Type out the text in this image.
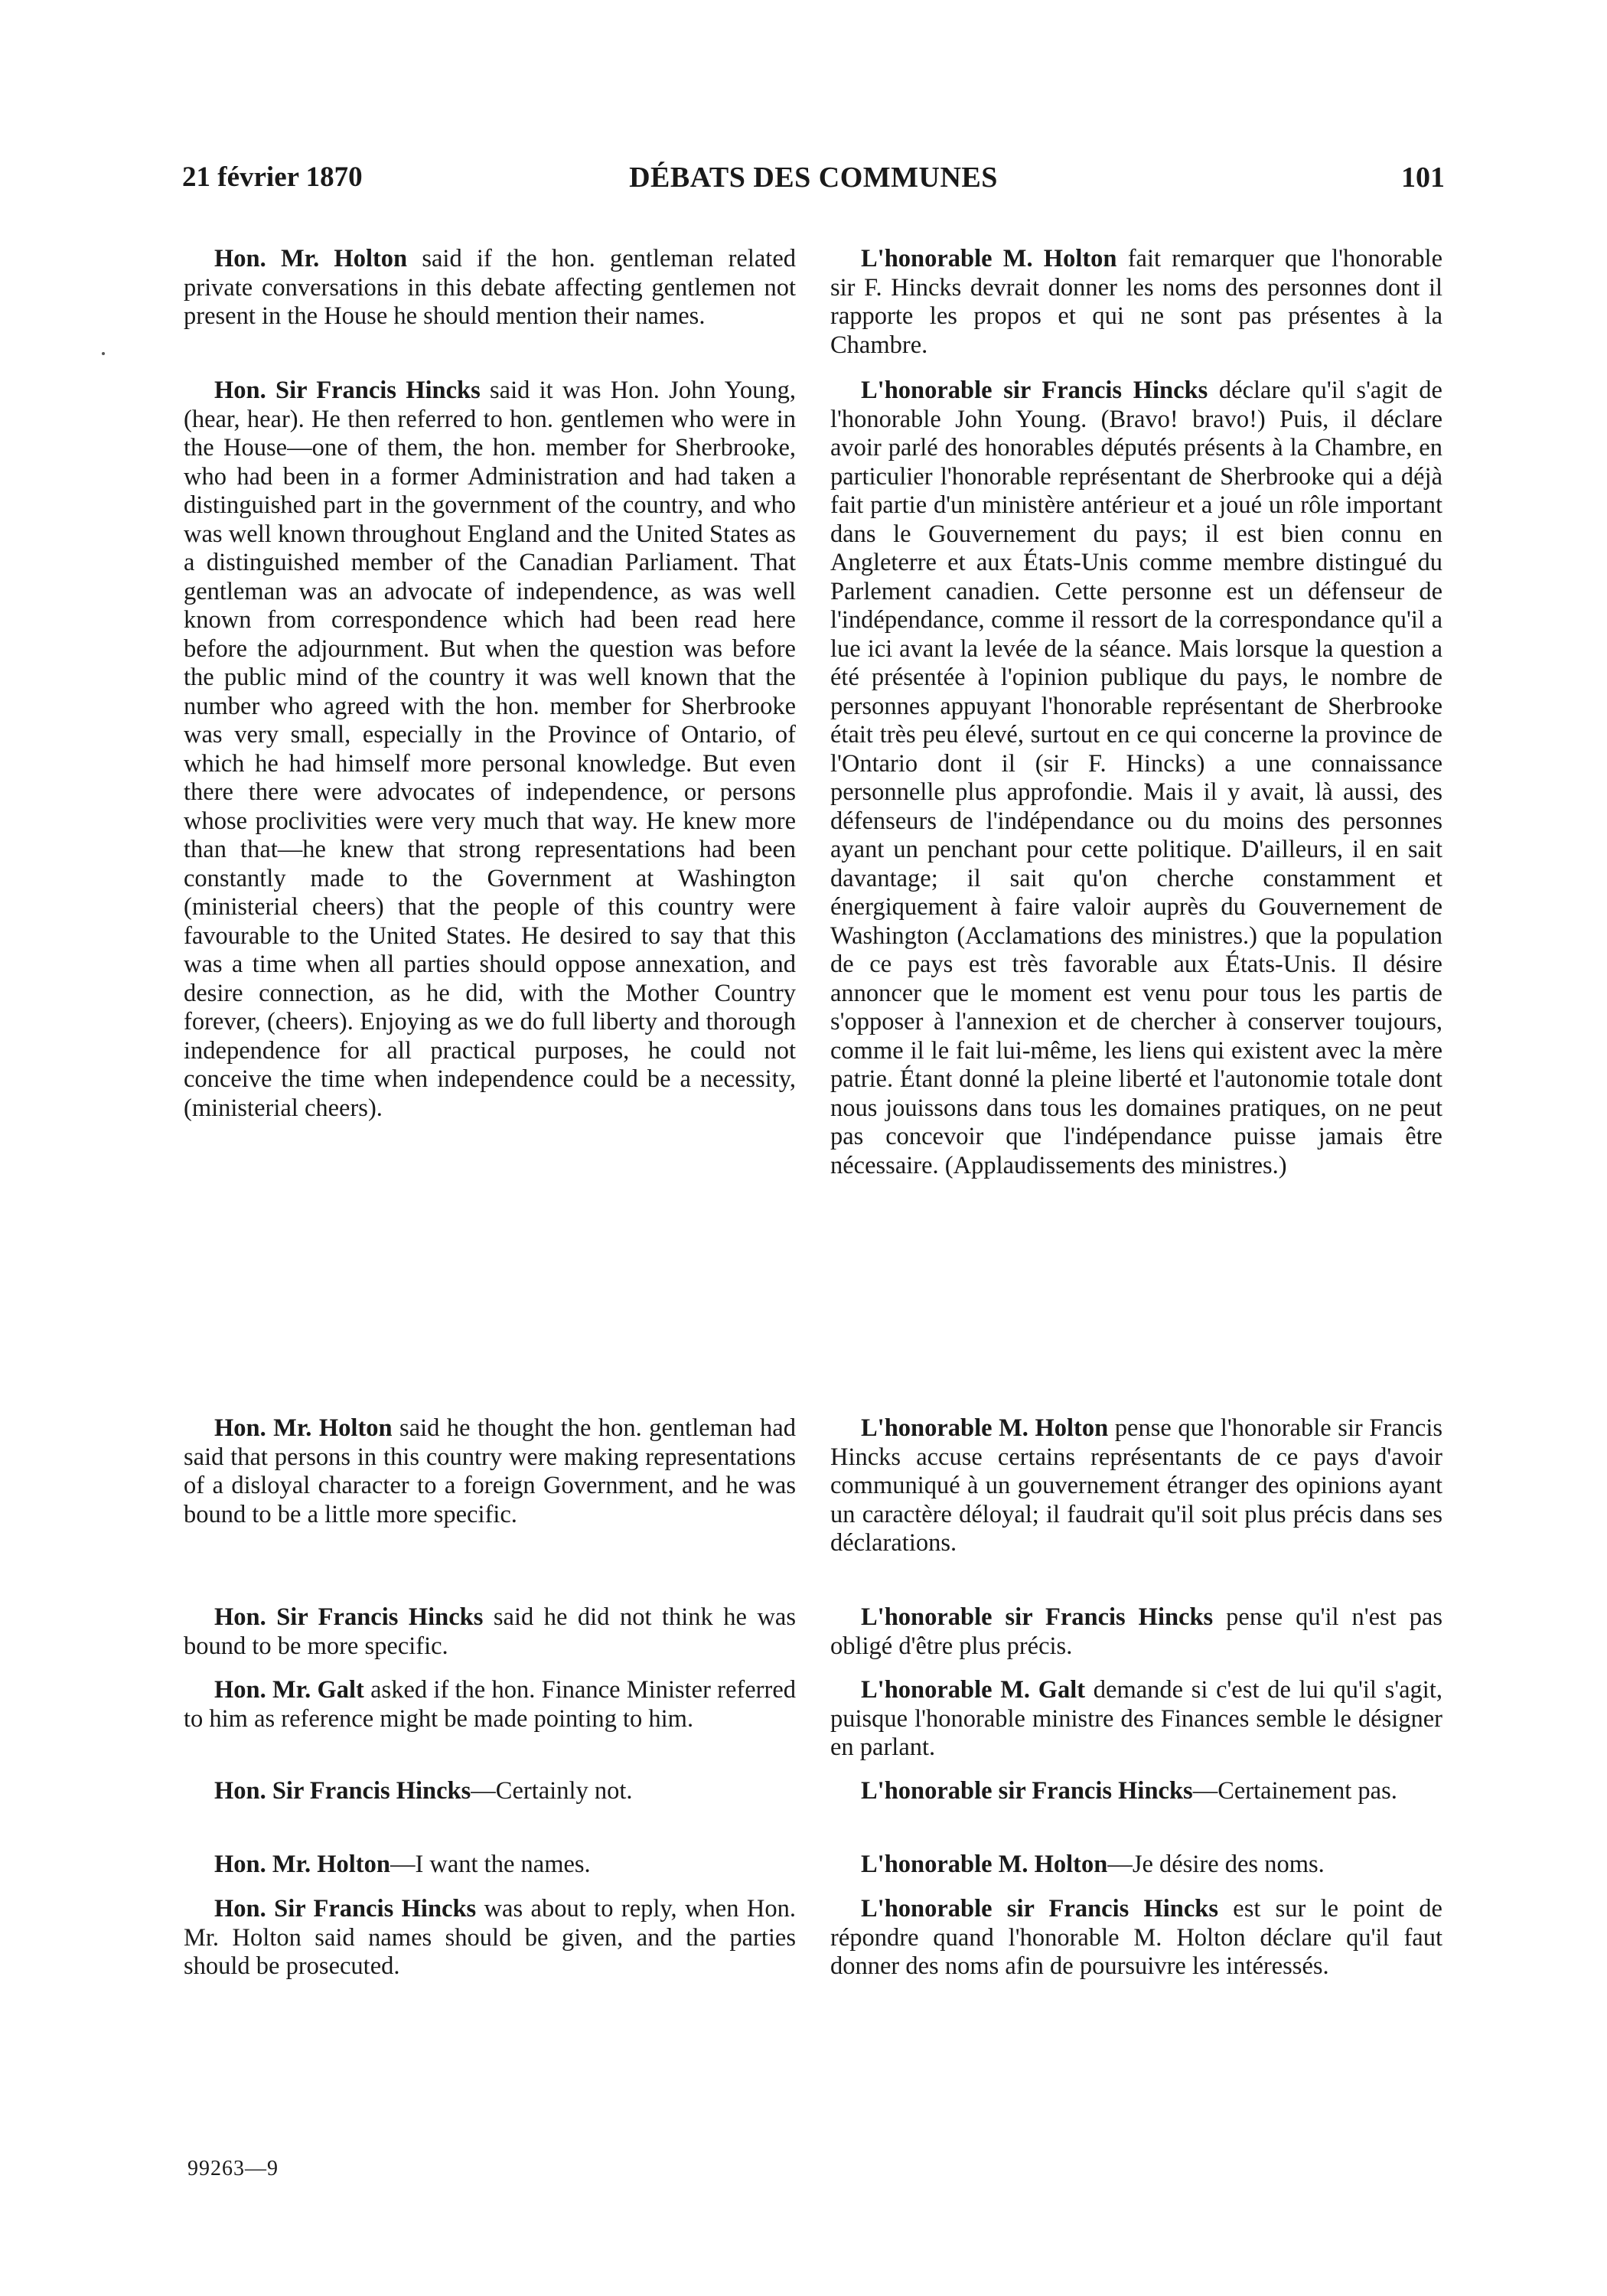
21 février 1870	DÉBATS DES COMMUNES	101

Hon. Mr. Holton said if the hon. gentleman related private conversations in this debate affecting gentlemen not present in the House he should mention their names.

Hon. Sir Francis Hincks said it was Hon. John Young, (hear, hear). He then referred to hon. gentlemen who were in the House—one of them, the hon. member for Sherbrooke, who had been in a former Administration and had taken a distinguished part in the government of the country, and who was well known throughout England and the United States as a distinguished member of the Canadian Parliament. That gentleman was an advocate of independence, as was well known from correspondence which had been read here before the adjournment. But when the question was before the public mind of the country it was well known that the number who agreed with the hon. member for Sherbrooke was very small, especially in the Province of Ontario, of which he had himself more personal knowledge. But even there there were advocates of independence, or persons whose proclivities were very much that way. He knew more than that—he knew that strong representations had been constantly made to the Government at Washington (ministerial cheers) that the people of this country were favourable to the United States. He desired to say that this was a time when all parties should oppose annexation, and desire connection, as he did, with the Mother Country forever, (cheers). Enjoying as we do full liberty and thorough independence for all practical purposes, he could not conceive the time when independence could be a necessity, (ministerial cheers).

Hon. Mr. Holton said he thought the hon. gentleman had said that persons in this country were making representations of a disloyal character to a foreign Government, and he was bound to be a little more specific.

Hon. Sir Francis Hincks said he did not think he was bound to be more specific.

Hon. Mr. Galt asked if the hon. Finance Minister referred to him as reference might be made pointing to him.

Hon. Sir Francis Hincks—Certainly not.

Hon. Mr. Holton—I want the names.

Hon. Sir Francis Hincks was about to reply, when Hon. Mr. Holton said names should be given, and the parties should be prosecuted.

L'honorable M. Holton fait remarquer que l'honorable sir F. Hincks devrait donner les noms des personnes dont il rapporte les propos et qui ne sont pas présentes à la Chambre.

L'honorable sir Francis Hincks déclare qu'il s'agit de l'honorable John Young. (Bravo! bravo!) Puis, il déclare avoir parlé des honorables députés présents à la Chambre, en particulier l'honorable représentant de Sherbrooke qui a déjà fait partie d'un ministère antérieur et a joué un rôle important dans le Gouvernement du pays; il est bien connu en Angleterre et aux États-Unis comme membre distingué du Parlement canadien. Cette personne est un défenseur de l'indépendance, comme il ressort de la correspondance qu'il a lue ici avant la levée de la séance. Mais lorsque la question a été présentée à l'opinion publique du pays, le nombre de personnes appuyant l'honorable représentant de Sherbrooke était très peu élevé, surtout en ce qui concerne la province de l'Ontario dont il (sir F. Hincks) a une connaissance personnelle plus approfondie. Mais il y avait, là aussi, des défenseurs de l'indépendance ou du moins des personnes ayant un penchant pour cette politique. D'ailleurs, il en sait davantage; il sait qu'on cherche constamment et énergiquement à faire valoir auprès du Gouvernement de Washington (Acclamations des ministres.) que la population de ce pays est très favorable aux États-Unis. Il désire annoncer que le moment est venu pour tous les partis de s'opposer à l'annexion et de chercher à conserver toujours, comme il le fait lui-même, les liens qui existent avec la mère patrie. Étant donné la pleine liberté et l'autonomie totale dont nous jouissons dans tous les domaines pratiques, on ne peut pas concevoir que l'indépendance puisse jamais être nécessaire. (Applaudissements des ministres.)

L'honorable M. Holton pense que l'honorable sir Francis Hincks accuse certains représentants de ce pays d'avoir communiqué à un gouvernement étranger des opinions ayant un caractère déloyal; il faudrait qu'il soit plus précis dans ses déclarations.

L'honorable sir Francis Hincks pense qu'il n'est pas obligé d'être plus précis.

L'honorable M. Galt demande si c'est de lui qu'il s'agit, puisque l'honorable ministre des Finances semble le désigner en parlant.

L'honorable sir Francis Hincks—Certainement pas.

L'honorable M. Holton—Je désire des noms.

L'honorable sir Francis Hincks est sur le point de répondre quand l'honorable M. Holton déclare qu'il faut donner des noms afin de poursuivre les intéressés.

99263—9
